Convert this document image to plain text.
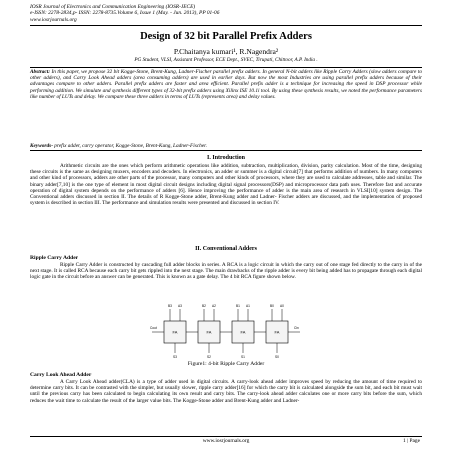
IOSR Journal of Electronics and Communication Engineering (IOSR-JECE)
e-ISSN: 2278-2834,p- ISSN: 2278-8735.Volume 6, Issue 1 (May. - Jun. 2013), PP 01-06
www.iosrjournals.org
Design of 32 bit Parallel Prefix Adders
P.Chaitanya kumari¹, R.Nagendra²
PG Student, VLSI, Assistant Professor, ECE Dept., SVEC, Tirupati, Chittoor, A.P. India .
Abstract: In this paper, we propose 32 bit Kogge-Stone, Brent-Kung, Ladner-Fischer parallel prefix adders. In general N-bit adders like Ripple Carry Adders (slow adders compare to other adders), and Carry Look Ahead adders (area consuming adders) are used in earlier days. But now the most Industries are using parallel prefix adders because of their advantages compare to other adders. Parallel prefix adders are faster and area efficient. Parallel prefix adder is a technique for increasing the speed in DSP processor while performing addition. We simulate and synthesis different types of 32-bit prefix adders using Xilinx ISE 10.1i tool. By using these synthesis results, we noted the performance parameters like number of LUTs and delay. We compare these three adders in terms of LUTs (represents area) and delay values.
Keywords- prefix adder, carry operator, Kogge-Stone, Brent-Kung, Ladner-Fischer.
I. Introduction
Arithmetic circuits are the ones which perform arithmetic operations like addition, subtraction, multiplication, division, parity calculation. Most of the time, designing these circuits is the same as designing muxers, encoders and decoders. In electronics, an adder or summer is a digital circuit[7] that performs addition of numbers. In many computers and other kind of processors, adders are other parts of the processor, many computers and other kinds of processors, where they are used to calculate addresses, table and similar. The binary adder[7,10] is the one type of element in most digital circuit designs including digital signal processors(DSP) and microprocessor data path uses. Therefore fast and accurate operation of digital system depends on the performance of adders [6]. Hence improving the performance of adder is the main area of research in VLSI[10] system design. The Conventional adders discussed in section II. The details of R Kogge-Stone adder, Brent-Kung adder and Ladner- Fischer adders are discussed, and the implementation of proposed system is described in section III. The performance and simulation results were presented and discussed in section IV.
II. Conventional Adders
Ripple Carry Adder
Ripple Carry Adder is constructed by cascading full adder blocks in series. A RCA is a logic circuit in which the carry out of one stage fed directly to the carry in of the next stage. It is called RCA because each carry bit gets rippled into the next stage. The main drawbacks of the ripple adder is every bit being added has to propagate through each digital logic gate in the circuit before an answer can be generated. This is known as a gate delay. The 4 bit RCA figure shown below.
B3 A3	B2 A2	B1 A1	B0 A0
FA	FA	FA	FA
Cout	Cin
S3	S2	S1	S0
Figure1: 4-bit Ripple Carry Adder
Carry Look Ahead Adder
A Carry Look Ahead adder(CLA) is a type of adder used in digital circuits. A carry-look ahead adder improves speed by reducing the amount of time required to determine carry bits. It can be contrasted with the simpler, but usually slower, ripple carry adder[16] for which the carry bit is calculated alongside the sum bit, and each bit must wait until the previous carry has been calculated to begin calculating its own result and carry bits. The carry-look ahead adder calculates one or more carry bits before the sum, which reduces the wait time to calculate the result of the larger value bits. The Kogge-Stone adder and Brent-Kung adder and Ladner-
www.iosrjournals.org	1 | Page
